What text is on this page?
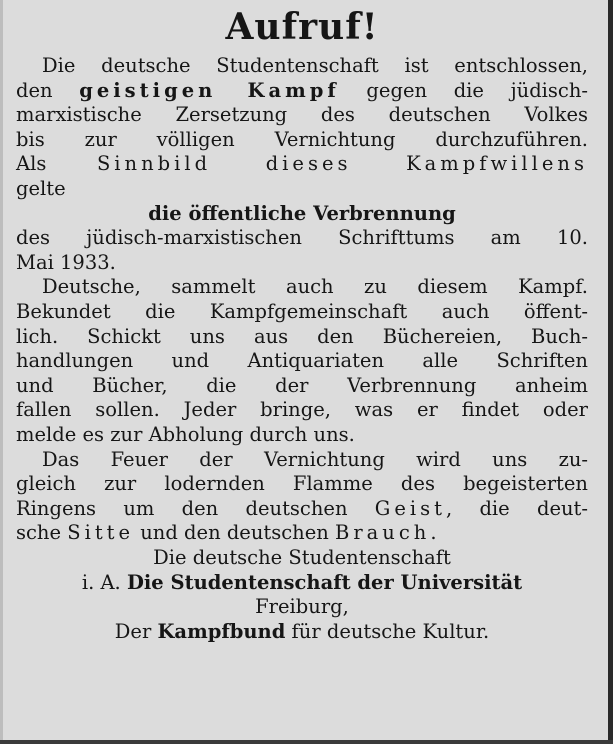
Aufruf!
Die deutsche Studentenschaft ist entschlossen,
den geistigen Kampf gegen die jüdisch-
marxistische Zersetzung des deutschen Volkes
bis zur völligen Vernichtung durchzuführen.
Als Sinnbild dieses Kampfwillens
gelte
die öffentliche Verbrennung
des jüdisch-marxistischen Schrifttums am 10.
Mai 1933.
Deutsche, sammelt auch zu diesem Kampf.
Bekundet die Kampfgemeinschaft auch öffent-
lich. Schickt uns aus den Büchereien, Buch-
handlungen und Antiquariaten alle Schriften
und Bücher, die der Verbrennung anheim
fallen sollen. Jeder bringe, was er findet oder
melde es zur Abholung durch uns.
Das Feuer der Vernichtung wird uns zu-
gleich zur lodernden Flamme des begeisterten
Ringens um den deutschen Geist, die deut-
sche Sitte und den deutschen Brauch.
Die deutsche Studentenschaft
i. A. Die Studentenschaft der Universität
Freiburg,
Der Kampfbund für deutsche Kultur.
